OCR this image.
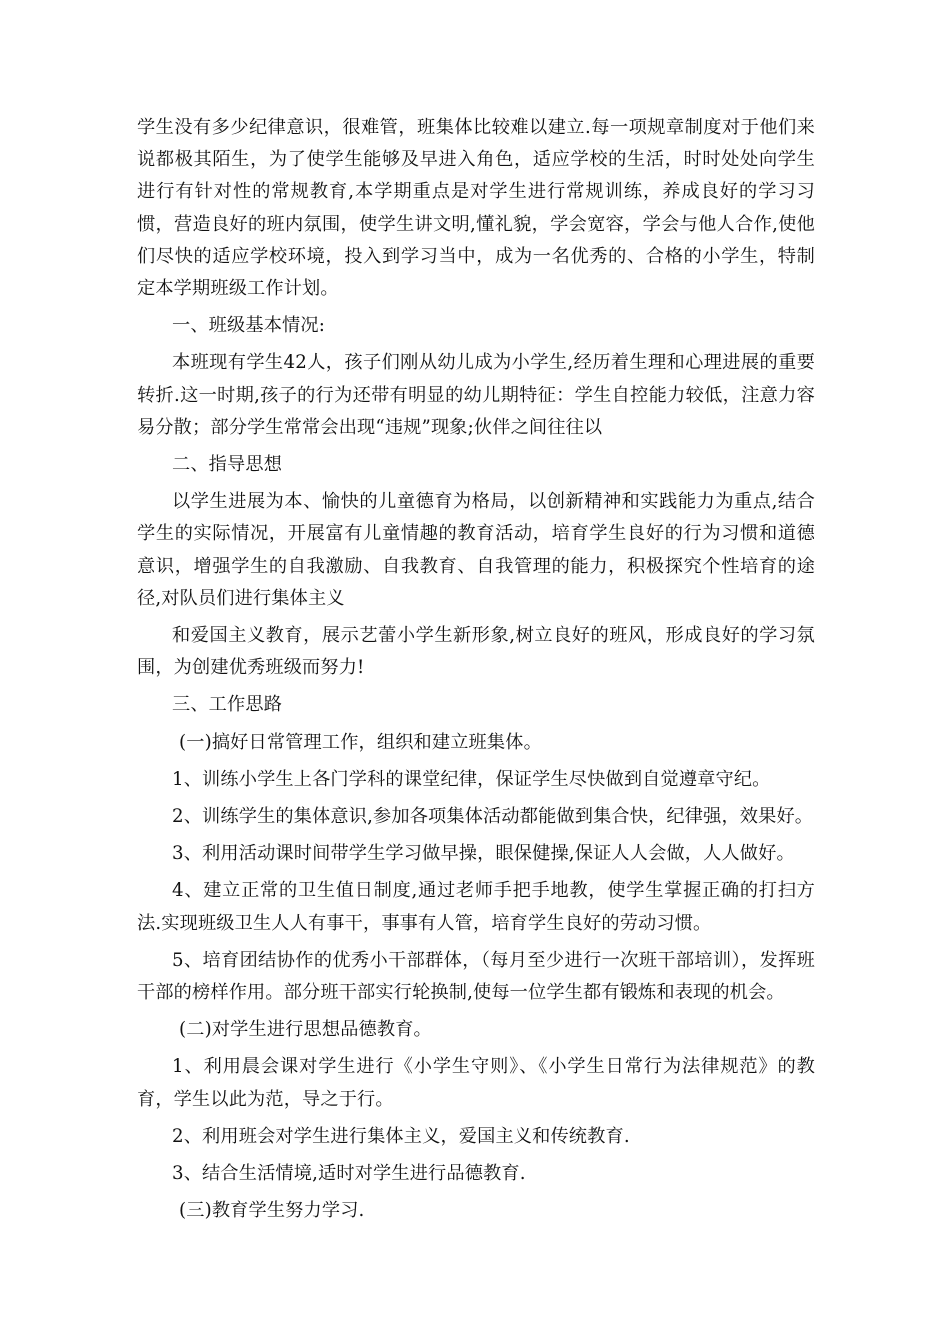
学生没有多少纪律意识，很难管，班集体比较难以建立.每一项规章制度对于他们来说都极其陌生，为了使学生能够及早进入角色，适应学校的生活，时时处处向学生进行有针对性的常规教育,本学期重点是对学生进行常规训练，养成良好的学习习惯，营造良好的班内氛围，使学生讲文明,懂礼貌，学会宽容，学会与他人合作,使他们尽快的适应学校环境，投入到学习当中，成为一名优秀的、合格的小学生，特制定本学期班级工作计划。

一、班级基本情况:

本班现有学生42人，孩子们刚从幼儿成为小学生,经历着生理和心理进展的重要转折.这一时期,孩子的行为还带有明显的幼儿期特征：学生自控能力较低，注意力容易分散；部分学生常常会出现“违规”现象;伙伴之间往往以

二、指导思想

以学生进展为本、愉快的儿童德育为格局，以创新精神和实践能力为重点,结合学生的实际情况，开展富有儿童情趣的教育活动，培育学生良好的行为习惯和道德意识，增强学生的自我激励、自我教育、自我管理的能力，积极探究个性培育的途径,对队员们进行集体主义

和爱国主义教育，展示艺蕾小学生新形象,树立良好的班风，形成良好的学习氛围，为创建优秀班级而努力!

三、工作思路

(一)搞好日常管理工作，组织和建立班集体。

1、训练小学生上各门学科的课堂纪律，保证学生尽快做到自觉遵章守纪。

2、训练学生的集体意识,参加各项集体活动都能做到集合快，纪律强，效果好。

3、利用活动课时间带学生学习做早操，眼保健操,保证人人会做，人人做好。

4、建立正常的卫生值日制度,通过老师手把手地教，使学生掌握正确的打扫方法.实现班级卫生人人有事干，事事有人管，培育学生良好的劳动习惯。

5、培育团结协作的优秀小干部群体，（每月至少进行一次班干部培训），发挥班干部的榜样作用。部分班干部实行轮换制,使每一位学生都有锻炼和表现的机会。

(二)对学生进行思想品德教育。

1、利用晨会课对学生进行《小学生守则》、《小学生日常行为法律规范》的教育，学生以此为范，导之于行。

2、利用班会对学生进行集体主义，爱国主义和传统教育.

3、结合生活情境,适时对学生进行品德教育.

(三)教育学生努力学习.
